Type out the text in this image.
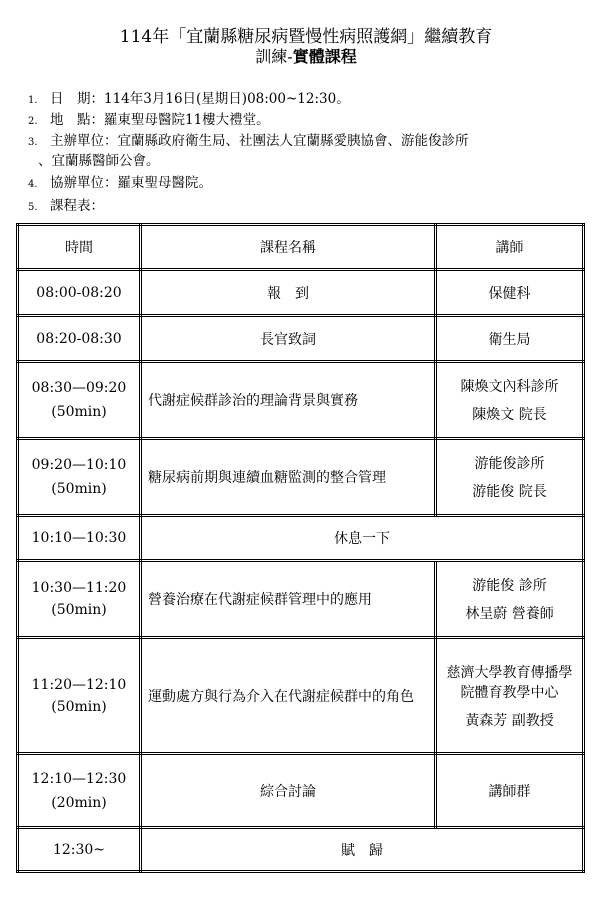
114年「宜蘭縣糖尿病暨慢性病照護網」繼續教育
訓練-實體課程
1. 日　期：114年3月16日(星期日)08:00~12:30。
2. 地　點：羅東聖母醫院11樓大禮堂。
3. 主辦單位：宜蘭縣政府衛生局、社團法人宜蘭縣愛胰協會、游能俊診所
、宜蘭縣醫師公會。
4. 協辦單位：羅東聖母醫院。
5. 課程表：
時間	課程名稱	講師
08:00-08:20	報　到	保健科
08:20-08:30	長官致詞	衛生局
08:30—09:20
(50min)	代謝症候群診治的理論背景與實務	陳煥文內科診所
陳煥文 院長

09:20—10:10
(50min)	糖尿病前期與連續血糖監測的整合管理	游能俊診所
游能俊 院長

10:10—10:30	休息一下	
10:30—11:20
(50min)	營養治療在代謝症候群管理中的應用	游能俊 診所
林呈蔚 營養師

11:20—12:10
(50min)	運動處方與行為介入在代謝症候群中的角色	慈濟大學教育傳播學院體育教學中心
黃森芳 副教授

12:10—12:30
(20min)	綜合討論	講師群
12:30~	賦　歸	
